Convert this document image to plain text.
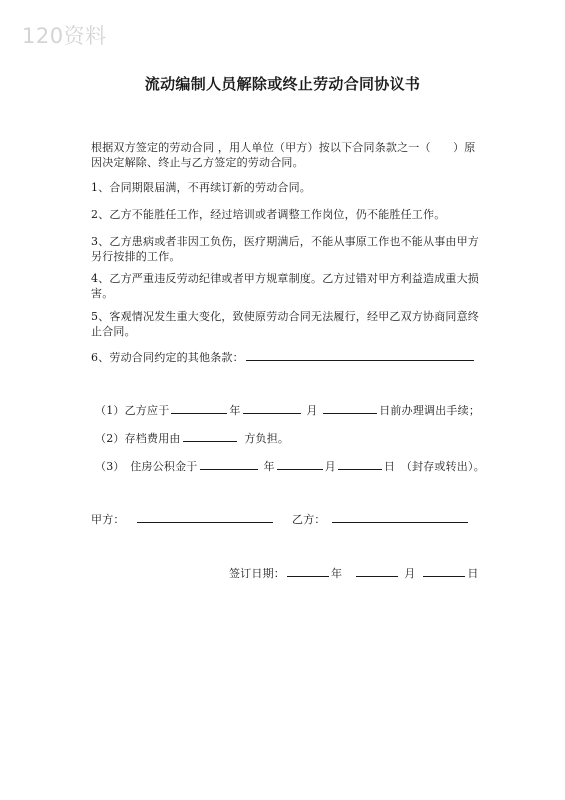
120资料
流动编制人员解除或终止劳动合同协议书
根据双方签定的劳动合同 ，用人单位（甲方）按以下合同条款之一（　　）原因决定解除、终止与乙方签定的劳动合同。
1、合同期限届满，不再续订新的劳动合同。
2、乙方不能胜任工作，经过培训或者调整工作岗位，仍不能胜任工作。
3、乙方患病或者非因工负伤，医疗期满后，不能从事原工作也不能从事由甲方另行按排的工作。
4、乙方严重违反劳动纪律或者甲方规章制度。乙方过错对甲方利益造成重大损害。
5、客观情况发生重大变化，致使原劳动合同无法履行，经甲乙双方协商同意终止合同。
6、劳动合同约定的其他条款：
（1）乙方应于	年	月	日前办理调出手续；
（2）存档费用由	方负担。
（3）　住房公积金于	年	月	日　（封存或转出）。
甲方：	乙方：
签订日期：	年	月	日
